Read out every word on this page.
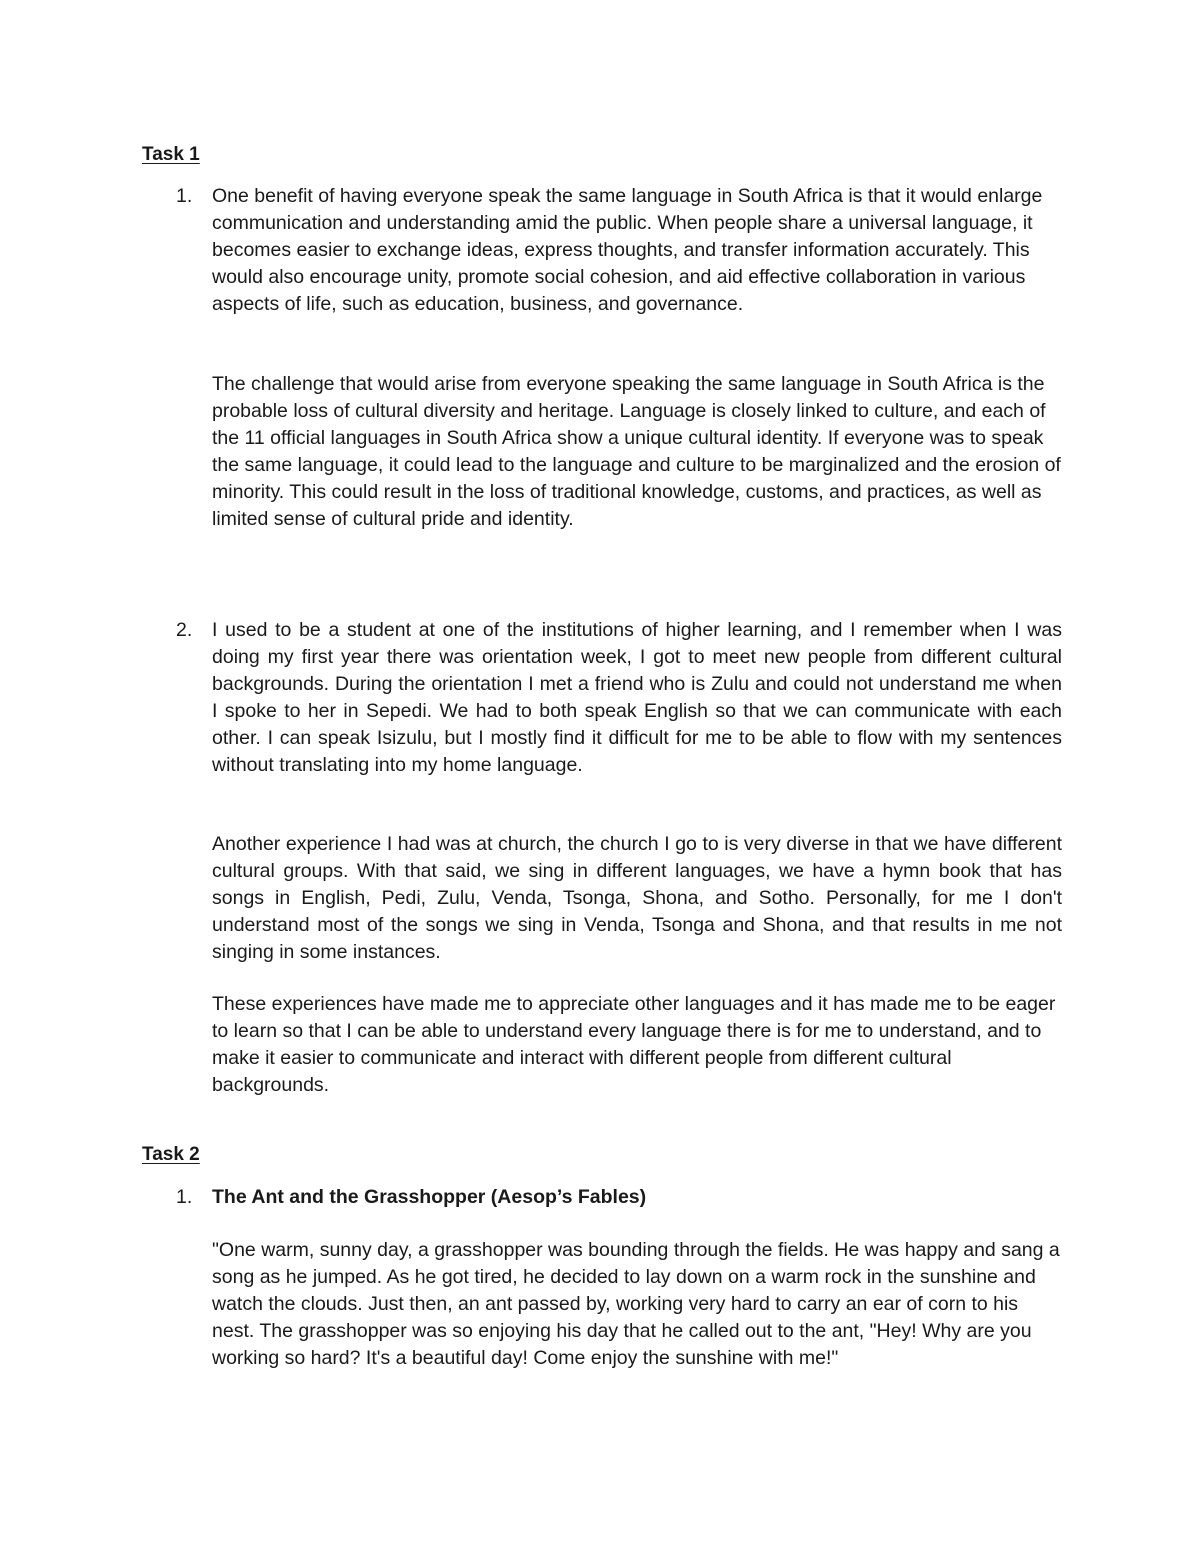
Task 1
1. One benefit of having everyone speak the same language in South Africa is that it would enlarge communication and understanding amid the public. When people share a universal language, it becomes easier to exchange ideas, express thoughts, and transfer information accurately. This would also encourage unity, promote social cohesion, and aid effective collaboration in various aspects of life, such as education, business, and governance.

The challenge that would arise from everyone speaking the same language in South Africa is the probable loss of cultural diversity and heritage. Language is closely linked to culture, and each of the 11 official languages in South Africa show a unique cultural identity. If everyone was to speak the same language, it could lead to the language and culture to be marginalized and the erosion of minority. This could result in the loss of traditional knowledge, customs, and practices, as well as limited sense of cultural pride and identity.

2. I used to be a student at one of the institutions of higher learning, and I remember when I was doing my first year there was orientation week, I got to meet new people from different cultural backgrounds. During the orientation I met a friend who is Zulu and could not understand me when I spoke to her in Sepedi. We had to both speak English so that we can communicate with each other. I can speak Isizulu, but I mostly find it difficult for me to be able to flow with my sentences without translating into my home language.

Another experience I had was at church, the church I go to is very diverse in that we have different cultural groups. With that said, we sing in different languages, we have a hymn book that has songs in English, Pedi, Zulu, Venda, Tsonga, Shona, and Sotho. Personally, for me I don't understand most of the songs we sing in Venda, Tsonga and Shona, and that results in me not singing in some instances.

These experiences have made me to appreciate other languages and it has made me to be eager to learn so that I can be able to understand every language there is for me to understand, and to make it easier to communicate and interact with different people from different cultural backgrounds.

Task 2
1. The Ant and the Grasshopper (Aesop’s Fables)

"One warm, sunny day, a grasshopper was bounding through the fields. He was happy and sang a song as he jumped. As he got tired, he decided to lay down on a warm rock in the sunshine and watch the clouds. Just then, an ant passed by, working very hard to carry an ear of corn to his nest. The grasshopper was so enjoying his day that he called out to the ant, "Hey! Why are you working so hard? It's a beautiful day! Come enjoy the sunshine with me!"
